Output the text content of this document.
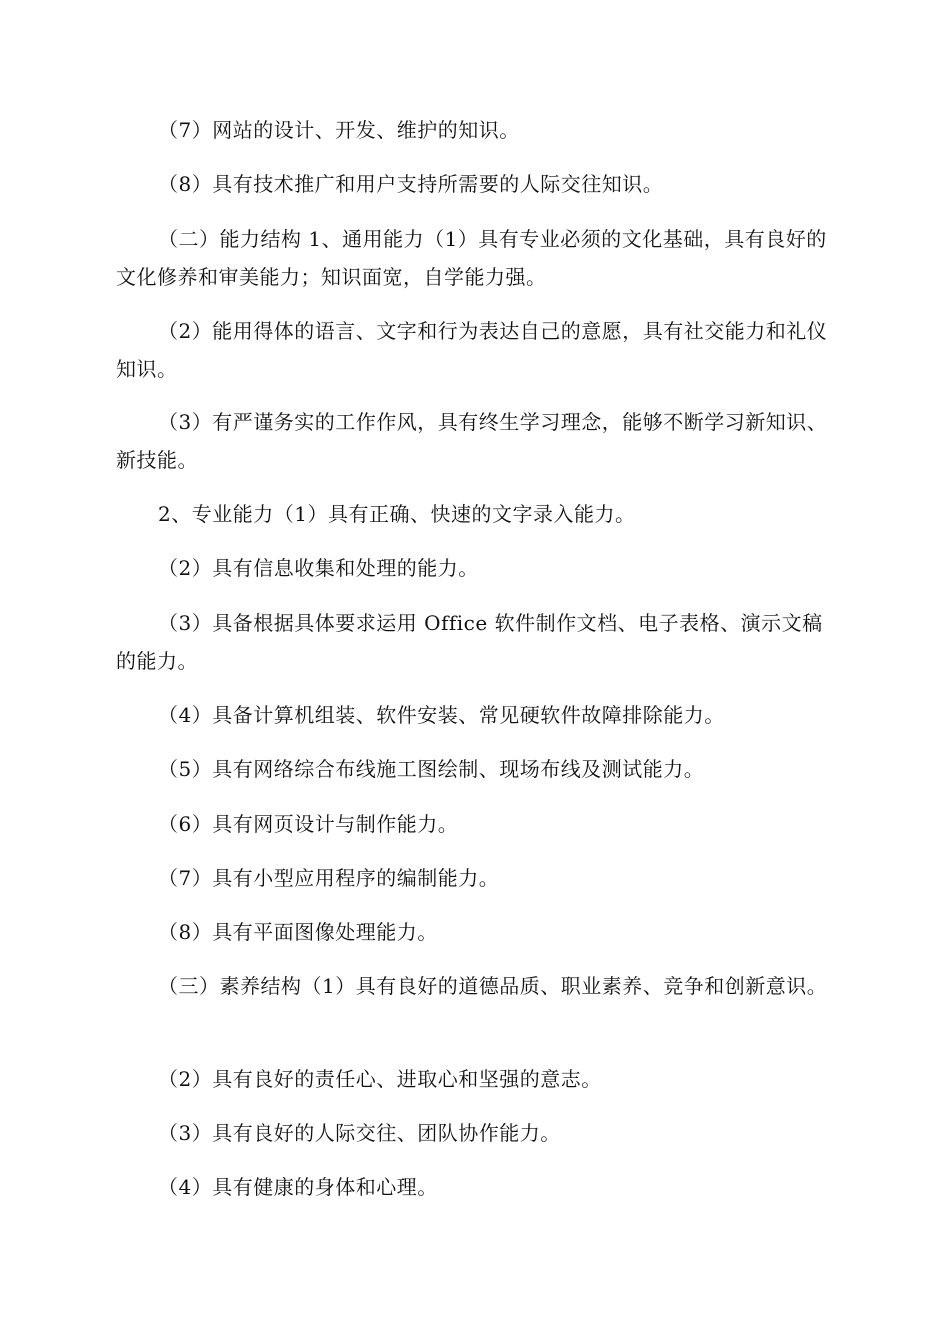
（7）网站的设计、开发、维护的知识。

（8）具有技术推广和用户支持所需要的人际交往知识。

（二）能力结构 1、通用能力（1）具有专业必须的文化基础，具有良好的文化修养和审美能力；知识面宽，自学能力强。

（2）能用得体的语言、文字和行为表达自己的意愿，具有社交能力和礼仪知识。

（3）有严谨务实的工作作风，具有终生学习理念，能够不断学习新知识、新技能。

2、专业能力（1）具有正确、快速的文字录入能力。

（2）具有信息收集和处理的能力。

（3）具备根据具体要求运用 Office 软件制作文档、电子表格、演示文稿的能力。

（4）具备计算机组装、软件安装、常见硬软件故障排除能力。

（5）具有网络综合布线施工图绘制、现场布线及测试能力。

（6）具有网页设计与制作能力。

（7）具有小型应用程序的编制能力。

（8）具有平面图像处理能力。

（三）素养结构（1）具有良好的道德品质、职业素养、竞争和创新意识。

（2）具有良好的责任心、进取心和坚强的意志。

（3）具有良好的人际交往、团队协作能力。

（4）具有健康的身体和心理。
